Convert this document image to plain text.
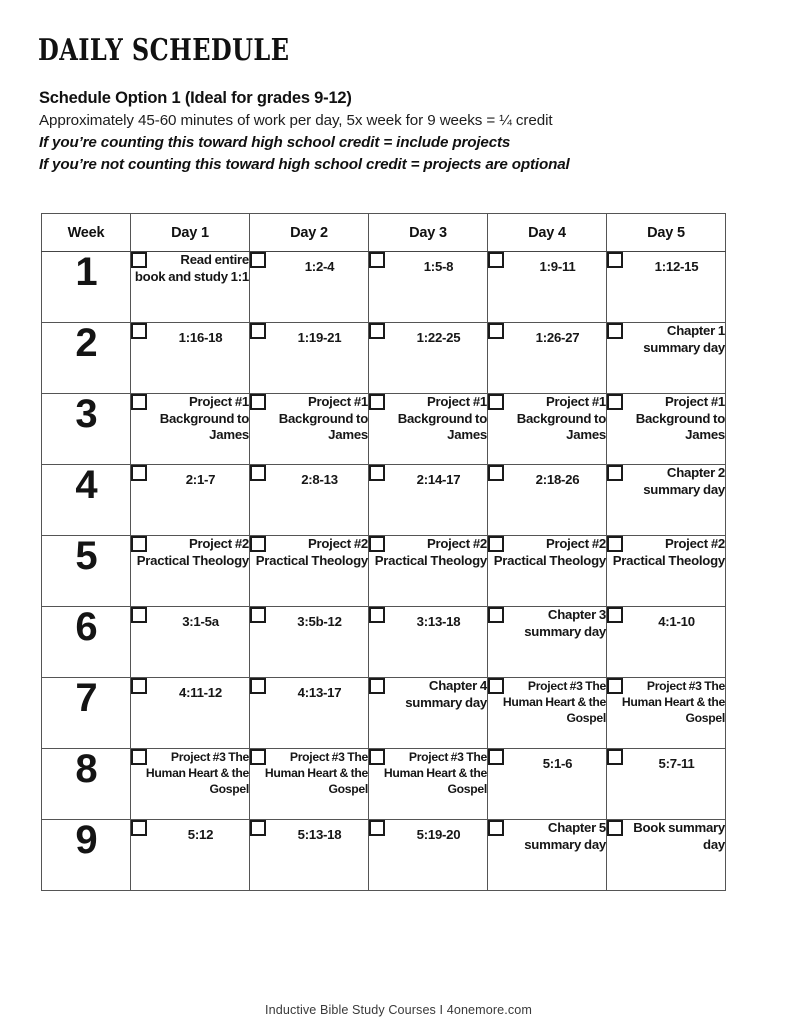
DAILY SCHEDULE
Schedule Option 1 (Ideal for grades 9-12)
Approximately 45-60 minutes of work per day, 5x week for 9 weeks = ¼ credit
If you’re counting this toward high school credit = include projects
If you’re not counting this toward high school credit = projects are optional
Week	Day 1	Day 2	Day 3	Day 4	Day 5
1	Read entire book and study 1:1	1:2-4	1:5-8	1:9-11	1:12-15

2	1:16-18	1:19-21	1:22-25	1:26-27	Chapter 1 summary day

3	Project #1 Background to James	Project #1 Background to James	Project #1 Background to James	Project #1 Background to James	Project #1 Background to James

4	2:1-7	2:8-13	2:14-17	2:18-26	Chapter 2 summary day

5	Project #2 Practical Theology	Project #2 Practical Theology	Project #2 Practical Theology	Project #2 Practical Theology	Project #2 Practical Theology

6	3:1-5a	3:5b-12	3:13-18	Chapter 3 summary day	4:1-10

7	4:11-12	4:13-17	Chapter 4 summary day	Project #3 The Human Heart & the Gospel	Project #3 The Human Heart & the Gospel

8	Project #3 The Human Heart & the Gospel	Project #3 The Human Heart & the Gospel	Project #3 The Human Heart & the Gospel	5:1-6	5:7-11

9	5:12	5:13-18	5:19-20	Chapter 5 summary day	Book summary day
Inductive Bible Study Courses I 4onemore.com
